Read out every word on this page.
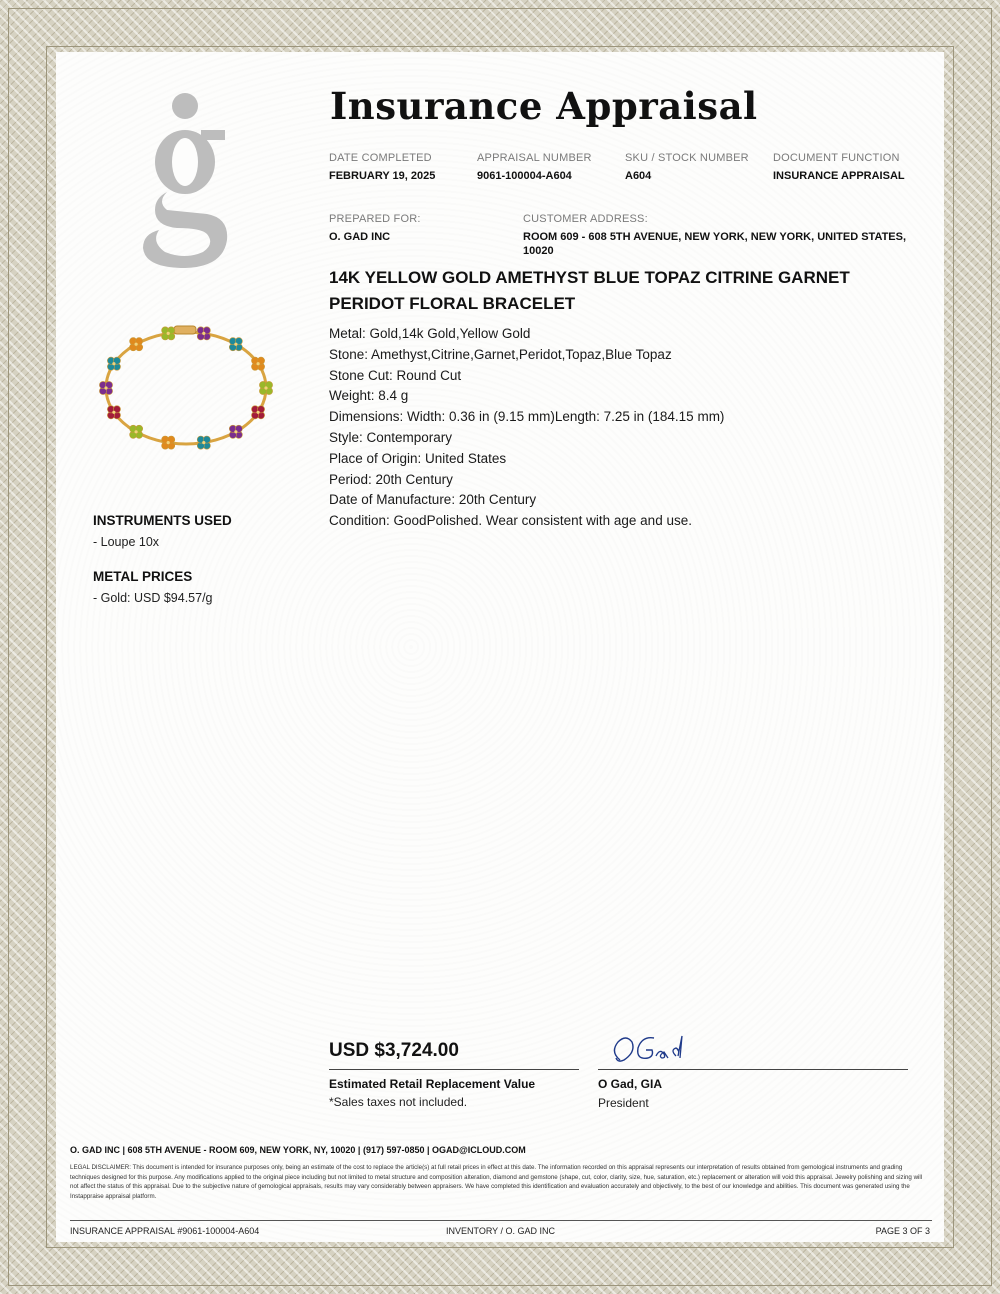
Insurance Appraisal
DATE COMPLETED
FEBRUARY 19, 2025
APPRAISAL NUMBER
9061-100004-A604
SKU / STOCK NUMBER
A604
DOCUMENT FUNCTION
INSURANCE APPRAISAL
PREPARED FOR:
O. GAD INC
CUSTOMER ADDRESS:
ROOM 609 - 608 5TH AVENUE, NEW YORK, NEW YORK, UNITED STATES,
10020
14K YELLOW GOLD AMETHYST BLUE TOPAZ CITRINE GARNET
PERIDOT FLORAL BRACELET
Metal: Gold,14k Gold,Yellow Gold
Stone: Amethyst,Citrine,Garnet,Peridot,Topaz,Blue Topaz
Stone Cut: Round Cut
Weight: 8.4 g
Dimensions: Width: 0.36 in (9.15 mm)Length: 7.25 in (184.15 mm)
Style: Contemporary
Place of Origin: United States
Period: 20th Century
Date of Manufacture: 20th Century
Condition: GoodPolished. Wear consistent with age and use.
INSTRUMENTS USED
- Loupe 10x
METAL PRICES
- Gold: USD $94.57/g
USD $3,724.00
Estimated Retail Replacement Value
*Sales taxes not included.
O Gad, GIA
President
O. GAD INC | 608 5TH AVENUE - ROOM 609, NEW YORK, NY, 10020 | (917) 597-0850 | OGAD@ICLOUD.COM
LEGAL DISCLAIMER: This document is intended for insurance purposes only, being an estimate of the cost to replace the article(s) at full retail prices in effect at this date. The information recorded on this appraisal represents our interpretation of results obtained from gemological instruments and grading techniques designed for this purpose. Any modifications applied to the original piece including but not limited to metal structure and composition alteration, diamond and gemstone (shape, cut, color, clarity, size, hue, saturation, etc.) replacement or alteration will void this appraisal. Jewelry polishing and sizing will not affect the status of this appraisal. Due to the subjective nature of gemological appraisals, results may vary considerably between appraisers. We have completed this identification and evaluation accurately and objectively, to the best of our knowledge and abilities. This document was generated using the Instappraise appraisal platform.
INSURANCE APPRAISAL #9061-100004-A604	INVENTORY / O. GAD INC	PAGE 3 OF 3
